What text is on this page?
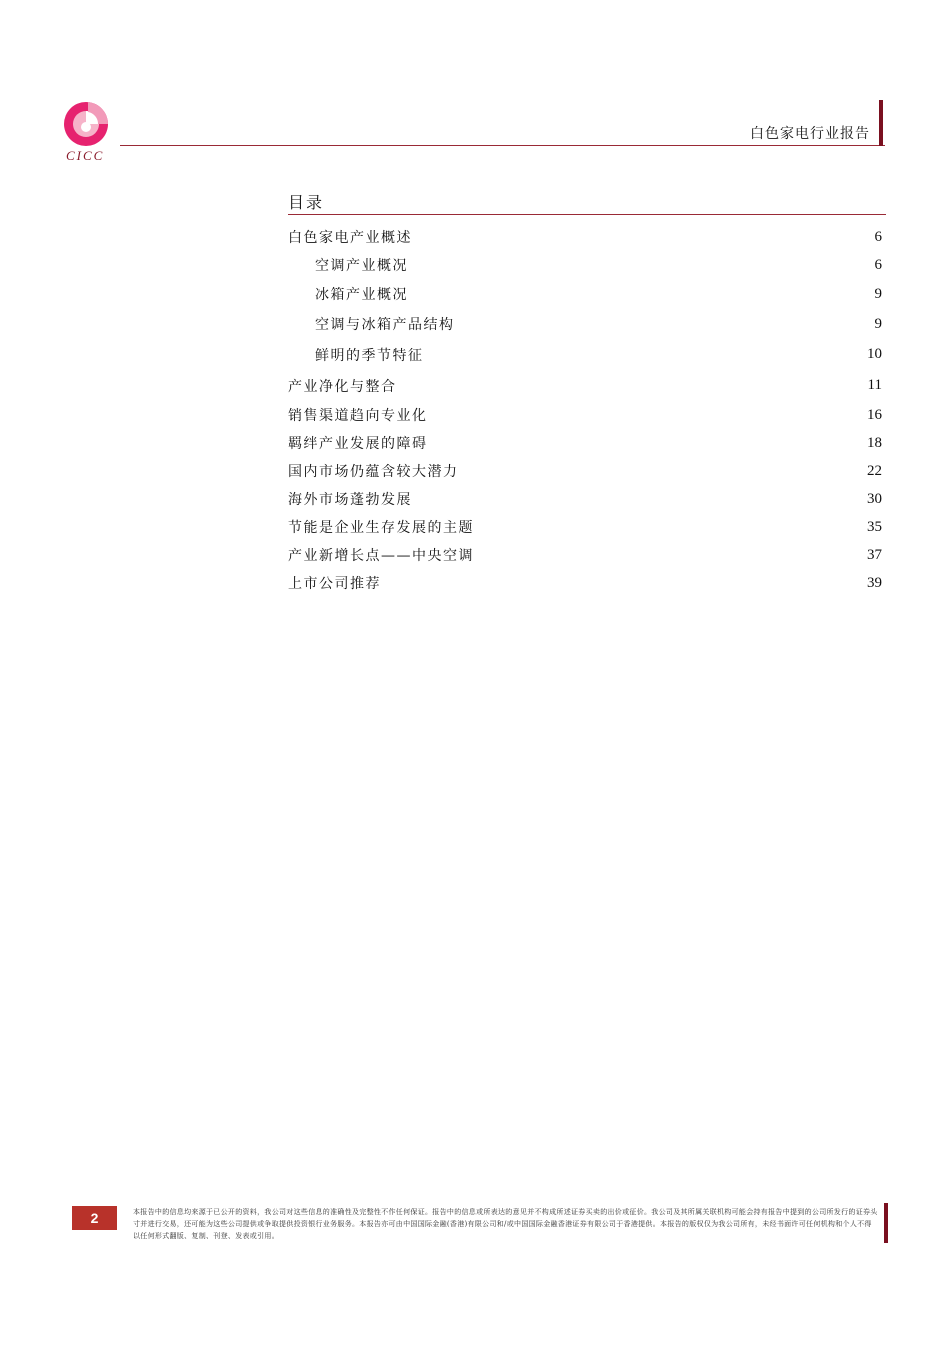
CICC
白色家电行业报告
目录
白色家电产业概述	6
空调产业概况	6
冰箱产业概况	9
空调与冰箱产品结构	9
鲜明的季节特征	10
产业净化与整合	11
销售渠道趋向专业化	16
羁绊产业发展的障碍	18
国内市场仍蕴含较大潜力	22
海外市场蓬勃发展	30
节能是企业生存发展的主题	35
产业新增长点——中央空调	37
上市公司推荐	39
2	本报告中的信息均来源于已公开的资料，我公司对这些信息的准确性及完整性不作任何保证。报告中的信息或所表达的意见并不构成所述证券买卖的出价或征价。我公司及其所属关联机构可能会持有报告中提到的公司所发行的证券头寸并进行交易，还可能为这些公司提供或争取提供投资银行业务服务。本报告亦可由中国国际金融(香港)有限公司和/或中国国际金融香港证券有限公司于香港提供。本报告的版权仅为我公司所有，未经书面许可任何机构和个人不得以任何形式翻版、复制、刊登、发表或引用。
